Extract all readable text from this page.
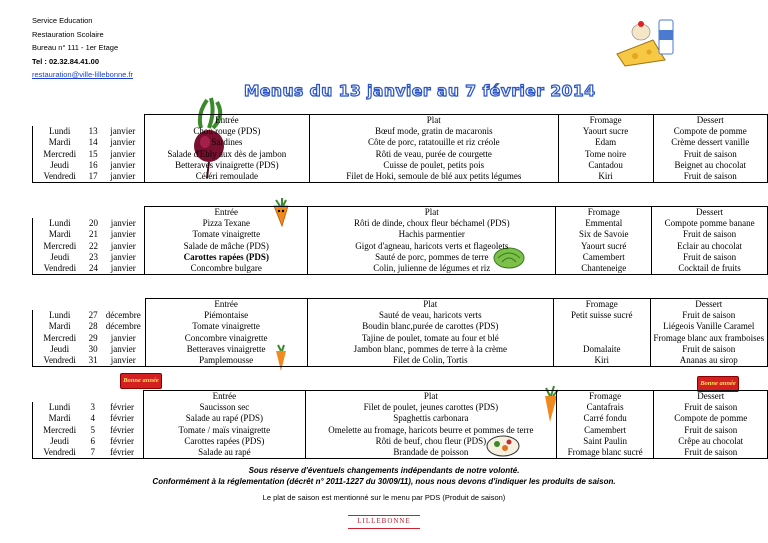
Service Education
Restauration Scolaire
Bureau n° 111 - 1er Etage
Tel : 02.32.84.41.00
restauration@ville-lillebonne.fr
Bonne année	Bonne année
Menus du 13 janvier au 7 février 2014
			Entrée	Plat	Fromage	Dessert
Lundi	13	janvier	Chou rouge (PDS)	Bœuf mode, gratin de macaronis	Yaourt sucre	Compote de pomme
Mardi	14	janvier	Sardines	Côte de porc, ratatouille et riz créole	Edam	Crème dessert vanille
Mercredi	15	janvier	Salade d'Ebly aux dès de jambon	Rôti de veau, purée de courgette	Tome noire	Fruit de saison
Jeudi	16	janvier	Betteraves vinaigrette (PDS)	Cuisse de poulet, petits pois	Cantadou	Beignet au chocolat
Vendredi	17	janvier	Céléri remoulade	Filet de Hoki, semoule de blé aux petits légumes	Kiri	Fruit de saison
			Entrée	Plat	Fromage	Dessert
Lundi	20	janvier	Pizza Texane	Rôti de dinde, choux fleur béchamel (PDS)	Emmental	Compote pomme banane
Mardi	21	janvier	Tomate vinaigrette	Hachis parmentier	Six de Savoie	Fruit de saison
Mercredi	22	janvier	Salade de mâche (PDS)	Gigot d'agneau, haricots verts et flageolets	Yaourt sucré	Eclair au chocolat
Jeudi	23	janvier	Carottes rapées (PDS)	Sauté de porc, pommes de terre	Camembert	Fruit de saison
Vendredi	24	janvier	Concombre bulgare	Colin, julienne de légumes et riz	Chanteneige	Cocktail de fruits
			Entrée	Plat	Fromage	Dessert
Lundi	27	décembre	Piémontaise	Sauté de veau, haricots verts	Petit suisse sucré	Fruit de saison
Mardi	28	décembre	Tomate vinaigrette	Boudin blanc,purée de carottes (PDS)		Liégeois Vanille Caramel
Mercredi	29	janvier	Concombre vinaigrette	Tajine de poulet, tomate au four et blé		Fromage blanc aux framboises
Jeudi	30	janvier	Betteraves vinaigrette	Jambon blanc, pommes de terre à la crème	Domalaite	Fruit de saison
Vendredi	31	janvier	Pamplemousse	Filet de Colin, Tortis	Kiri	Ananas au sirop
			Entrée	Plat	Fromage	Dessert
Lundi	3	février	Saucisson sec	Filet de poulet, jeunes carottes (PDS)	Cantafrais	Fruit de saison
Mardi	4	février	Salade au rapé (PDS)	Spaghettis carbonara	Carré fondu	Compote de pomme
Mercredi	5	février	Tomate / maïs vinaigrette	Omelette au fromage, haricots beurre et pommes de terre	Camembert	Fruit de saison
Jeudi	6	février	Carottes rapées (PDS)	Rôti de beuf, chou fleur (PDS)	Saint Paulin	Crêpe au chocolat
Vendredi	7	février	Salade au rapé	Brandade de poisson	Fromage blanc sucré	Fruit de saison
Sous réserve d'éventuels changements indépendants de notre volonté.
Conformément à la réglementation (décrêt n° 2011-1227 du 30/09/11), nous nous devons d'indiquer les produits de saison.
Le plat de saison est mentionné sur le menu par PDS (Produit de saison)
LILLEBONNE
